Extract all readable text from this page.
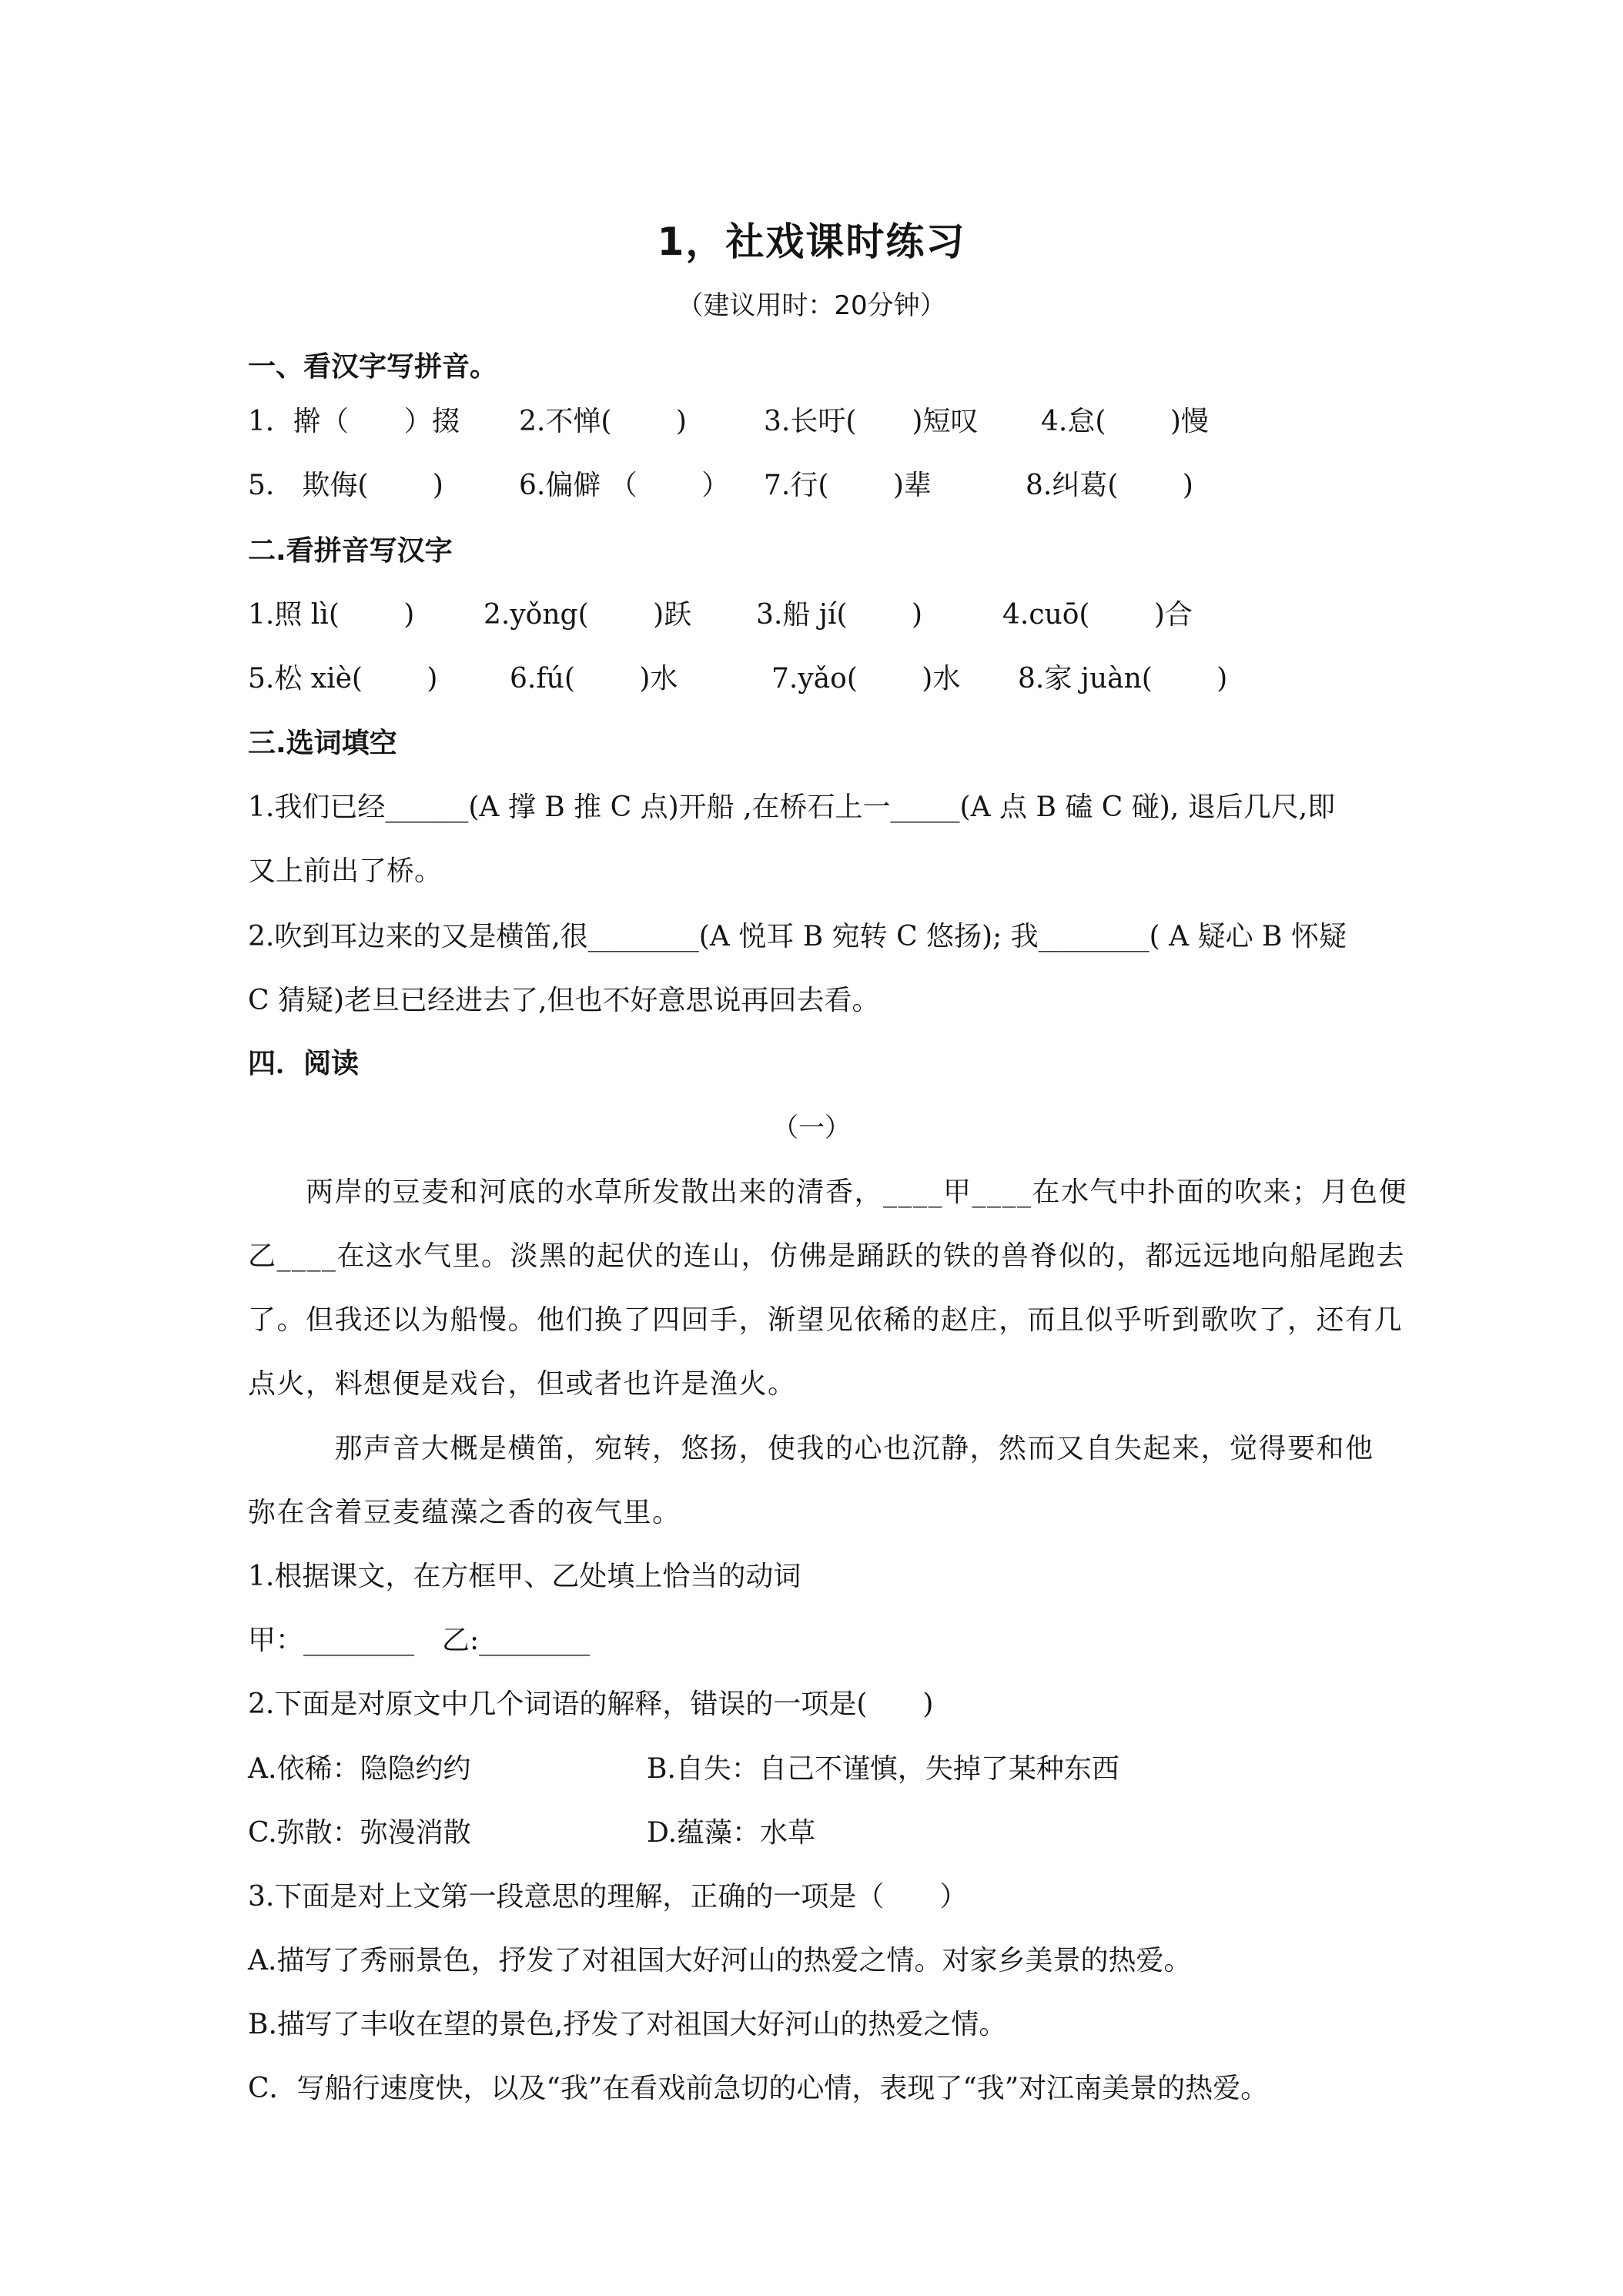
1，社戏课时练习
（建议用时：20分钟）
一、看汉字写拼音。
1．擀（　　）掇 2.不惮(　　 )	3.长吁(　　)短叹 4.怠(　　 )慢
5.　欺侮(　　 )	6.偏僻 （　　 ） 7.行(　　 )辈	8.纠葛(　　 )
二.看拼音写汉字
1.照 lì(　　 ) 2.yǒng(　　 )跃 3.船 jí(　　 )	4.cuō(　　 )合
5.松 xiè(　　 )	6.fú(　　 )水	7.yǎo(　　 )水 8.家 juàn(　　 )
三.选词填空
1.我们已经______(A 撑 B 推 C 点)开船 ,在桥石上一_____(A 点 B 磕 C 碰), 退后几尺,即
又上前出了桥。
2.吹到耳边来的又是横笛,很________(A 悦耳 B 宛转 C 悠扬); 我________( A 疑心 B 怀疑
C 猜疑)老旦已经进去了,但也不好意思说再回去看。
四．阅读
（一）
　　两岸的豆麦和河底的水草所发散出来的清香，____甲____在水气中扑面的吹来；月色便
乙____在这水气里。淡黑的起伏的连山，仿佛是踊跃的铁的兽脊似的，都远远地向船尾跑去
了。但我还以为船慢。他们换了四回手，渐望见依稀的赵庄，而且似乎听到歌吹了，还有几
点火，料想便是戏台，但或者也许是渔火。
　　　那声音大概是横笛，宛转，悠扬，使我的心也沉静，然而又自失起来，觉得要和他
弥在含着豆麦蕴藻之香的夜气里。
1.根据课文，在方框甲、乙处填上恰当的动词
甲：________　乙:________
2.下面是对原文中几个词语的解释，错误的一项是(　　)
A.依稀：隐隐约约	B.自失：自己不谨慎，失掉了某种东西
C.弥散：弥漫消散	D.蕴藻：水草
3.下面是对上文第一段意思的理解，正确的一项是（　　）
A.描写了秀丽景色，抒发了对祖国大好河山的热爱之情。对家乡美景的热爱。
B.描写了丰收在望的景色,抒发了对祖国大好河山的热爱之情。
C．写船行速度快，以及“我”在看戏前急切的心情，表现了“我”对江南美景的热爱。
